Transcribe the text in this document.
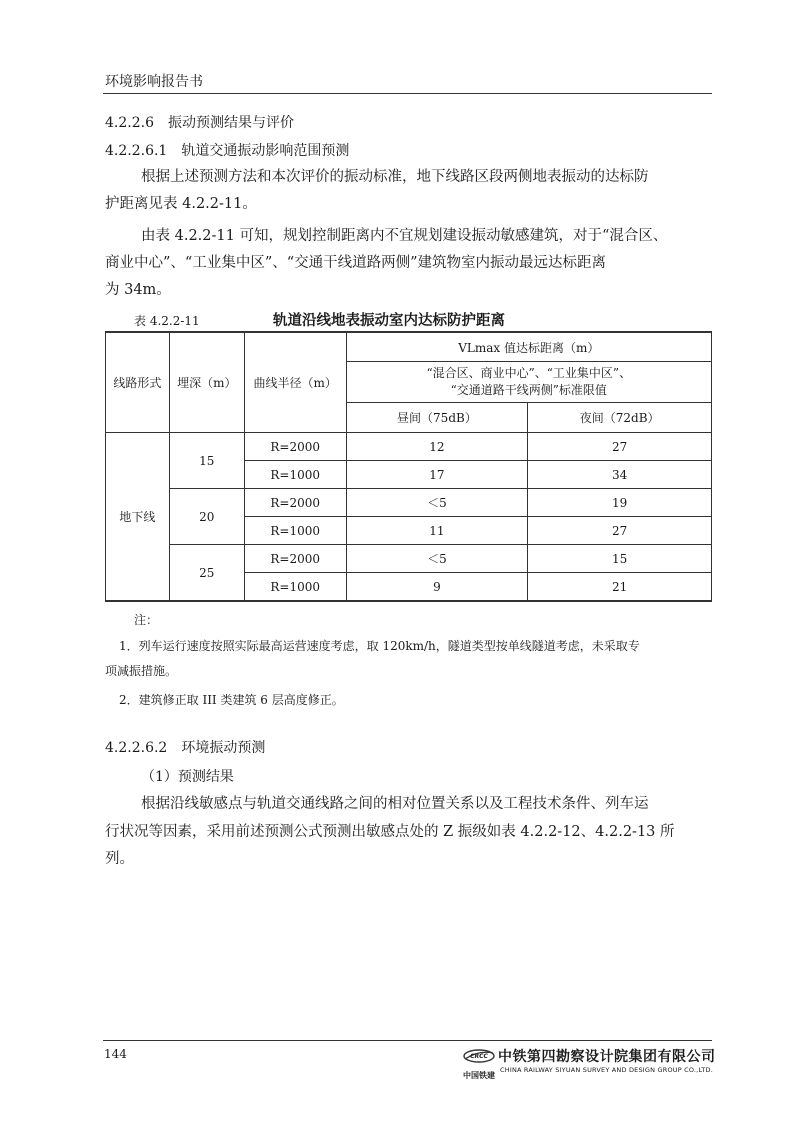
环境影响报告书
4.2.2.6　振动预测结果与评价
4.2.2.6.1　轨道交通振动影响范围预测
根据上述预测方法和本次评价的振动标准，地下线路区段两侧地表振动的达标防
护距离见表 4.2.2-11。
由表 4.2.2-11 可知，规划控制距离内不宜规划建设振动敏感建筑，对于“混合区、
商业中心”、“工业集中区”、“交通干线道路两侧”建筑物室内振动最远达标距离
为 34m。
表 4.2.2-11	轨道沿线地表振动室内达标防护距离
线路形式	埋深（m）	曲线半径（m）	VLmax 值达标距离（m）	

			“混合区、商业中心”、“工业集中区”、
“交通道路干线两侧”标准限值	

			昼间（75dB）	夜间（72dB）
地下线	15	R=2000	12	27
		R=1000	17	34
	20	R=2000	＜5	19
		R=1000	11	27
	25	R=2000	＜5	15
		R=1000	9	21
注：
1．列车运行速度按照实际最高运营速度考虑，取 120km/h，隧道类型按单线隧道考虑，未采取专
项减振措施。
2．建筑修正取 III 类建筑 6 层高度修正。
4.2.2.6.2　环境振动预测
（1）预测结果
根据沿线敏感点与轨道交通线路之间的相对位置关系以及工程技术条件、列车运
行状况等因素，采用前述预测公式预测出敏感点处的 Z 振级如表 4.2.2-12、4.2.2-13 所
列。
144	CRCC
中国铁建
中铁第四勘察设计院集团有限公司
CHINA RAILWAY SIYUAN SURVEY AND DESIGN GROUP CO.,LTD.
